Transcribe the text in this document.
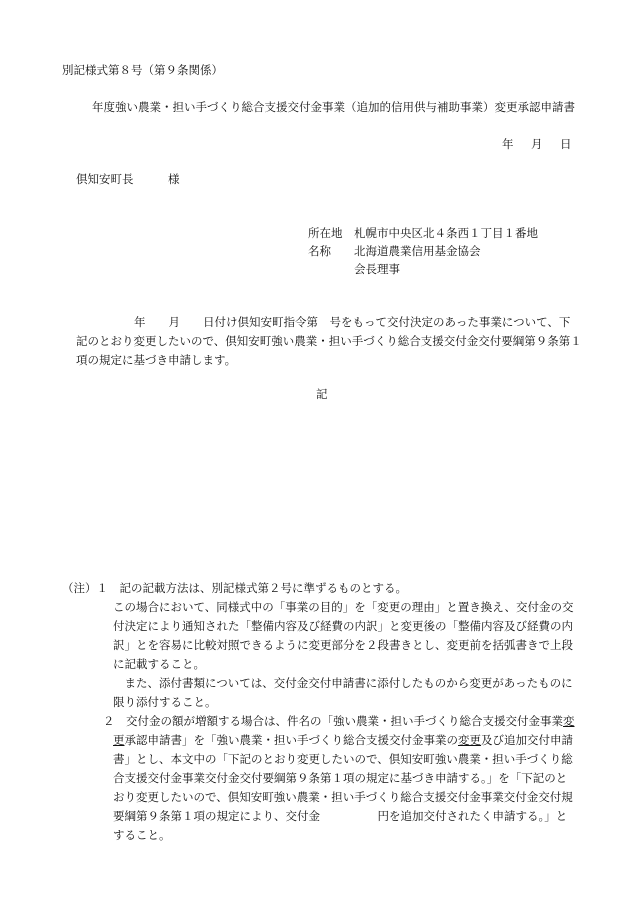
別記様式第８号（第９条関係）
年度強い農業・担い手づくり総合支援交付金事業（追加的信用供与補助事業）変更承認申請書
年　月　日
倶知安町長　　　様
所在地 札幌市中央区北４条西１丁目１番地
名称 北海道農業信用基金協会
会長理事
年　　月　　日付け倶知安町指令第　号をもって交付決定のあった事業について、下
記のとおり変更したいので、倶知安町強い農業・担い手づくり総合支援交付金交付要綱第９条第１
項の規定に基づき申請します。
記
（注）１　記の記載方法は、別記様式第２号に準ずるものとする。
この場合において、同様式中の「事業の目的」を「変更の理由」と置き換え、交付金の交
付決定により通知された「整備内容及び経費の内訳」と変更後の「整備内容及び経費の内
訳」とを容易に比較対照できるように変更部分を２段書きとし、変更前を括弧書きで上段
に記載すること。
　また、添付書類については、交付金交付申請書に添付したものから変更があったものに
限り添付すること。
２　交付金の額が増額する場合は、件名の「強い農業・担い手づくり総合支援交付金事業変
更承認申請書」を「強い農業・担い手づくり総合支援交付金事業の変更及び追加交付申請
書」とし、本文中の「下記のとおり変更したいので、倶知安町強い農業・担い手づくり総
合支援交付金事業交付金交付要綱第９条第１項の規定に基づき申請する。」を「下記のと
おり変更したいので、倶知安町強い農業・担い手づくり総合支援交付金事業交付金交付規
要綱第９条第１項の規定により、交付金　　　　　円を追加交付されたく申請する。」と
すること。
